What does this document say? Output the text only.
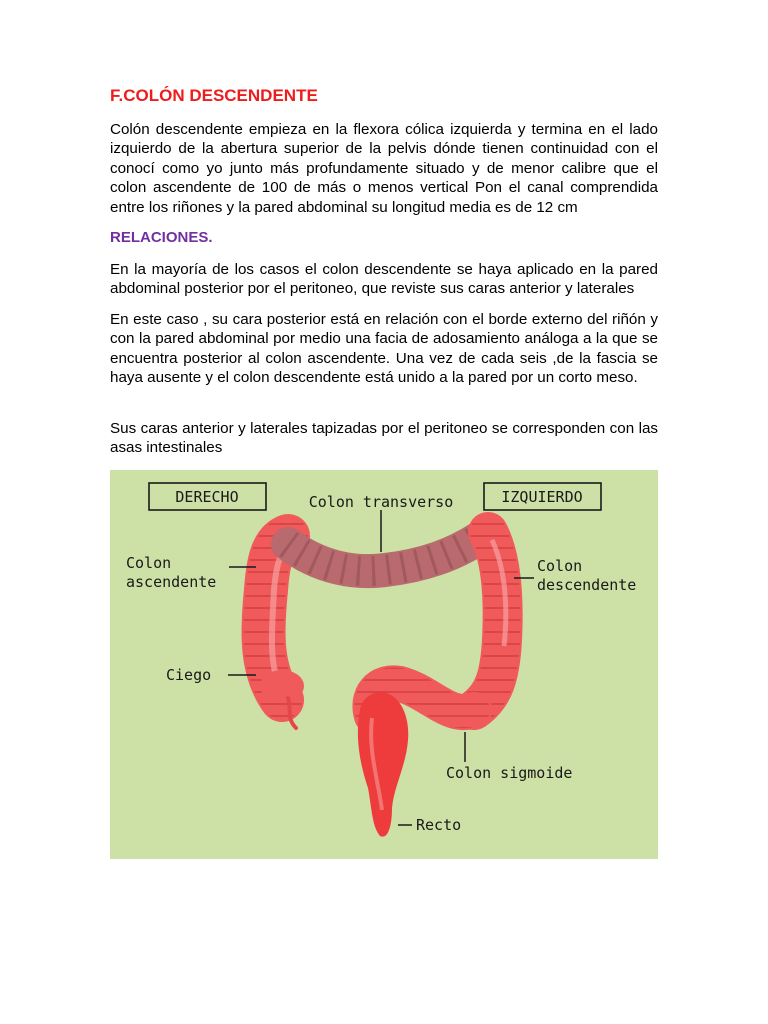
F.COLÓN DESCENDENTE

Colón descendente empieza en la flexora cólica izquierda y termina en el lado izquierdo de la abertura superior de la pelvis dónde tienen continuidad con el conocí como yo junto más profundamente situado y de menor calibre que el colon ascendente de 100 de más o menos vertical Pon el canal comprendida entre los riñones y la pared abdominal su longitud media es de 12 cm

RELACIONES.

En la mayoría de los casos el colon descendente se haya aplicado en la pared abdominal posterior por el peritoneo, que reviste sus caras anterior y laterales

En este caso , su cara posterior está en relación con el borde externo del riñón y con la pared abdominal por medio una facia de adosamiento análoga a la que se encuentra posterior al colon ascendente. Una vez de cada seis ,de la fascia se haya ausente y el colon descendente está unido a la pared por un corto meso.

Sus caras anterior y laterales tapizadas por el peritoneo se corresponden con las asas intestinales

DERECHO	IZQUIERDO
Colon transverso
Colon
ascendente
Colon
descendente
Ciego
Colon sigmoide
Recto
